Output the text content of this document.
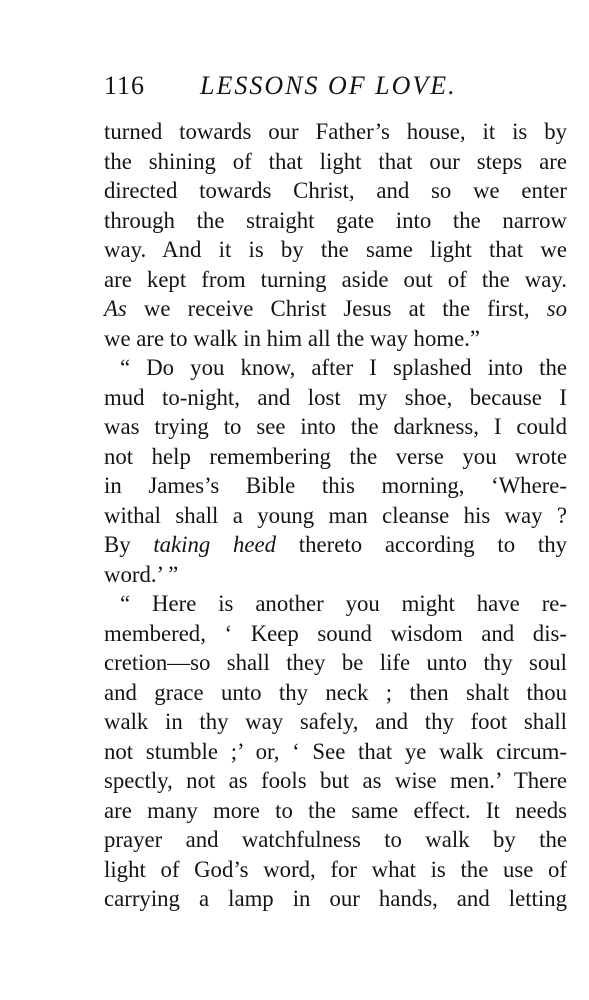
116 LESSONS OF LOVE.
turned towards our Father’s house, it is by
the shining of that light that our steps are
directed towards Christ, and so we enter
through the straight gate into the narrow
way. And it is by the same light that we
are kept from turning aside out of the way.
As we receive Christ Jesus at the first, so
we are to walk in him all the way home.”
“ Do you know, after I splashed into the
mud to-night, and lost my shoe, because I
was trying to see into the darkness, I could
not help remembering the verse you wrote
in James’s Bible this morning, ‘Where-
withal shall a young man cleanse his way ?
By taking heed thereto according to thy
word.’ ”
“ Here is another you might have re-
membered, ‘ Keep sound wisdom and dis-
cretion—so shall they be life unto thy soul
and grace unto thy neck ; then shalt thou
walk in thy way safely, and thy foot shall
not stumble ;’ or, ‘ See that ye walk circum-
spectly, not as fools but as wise men.’ There
are many more to the same effect. It needs
prayer and watchfulness to walk by the
light of God’s word, for what is the use of
carrying a lamp in our hands, and letting
